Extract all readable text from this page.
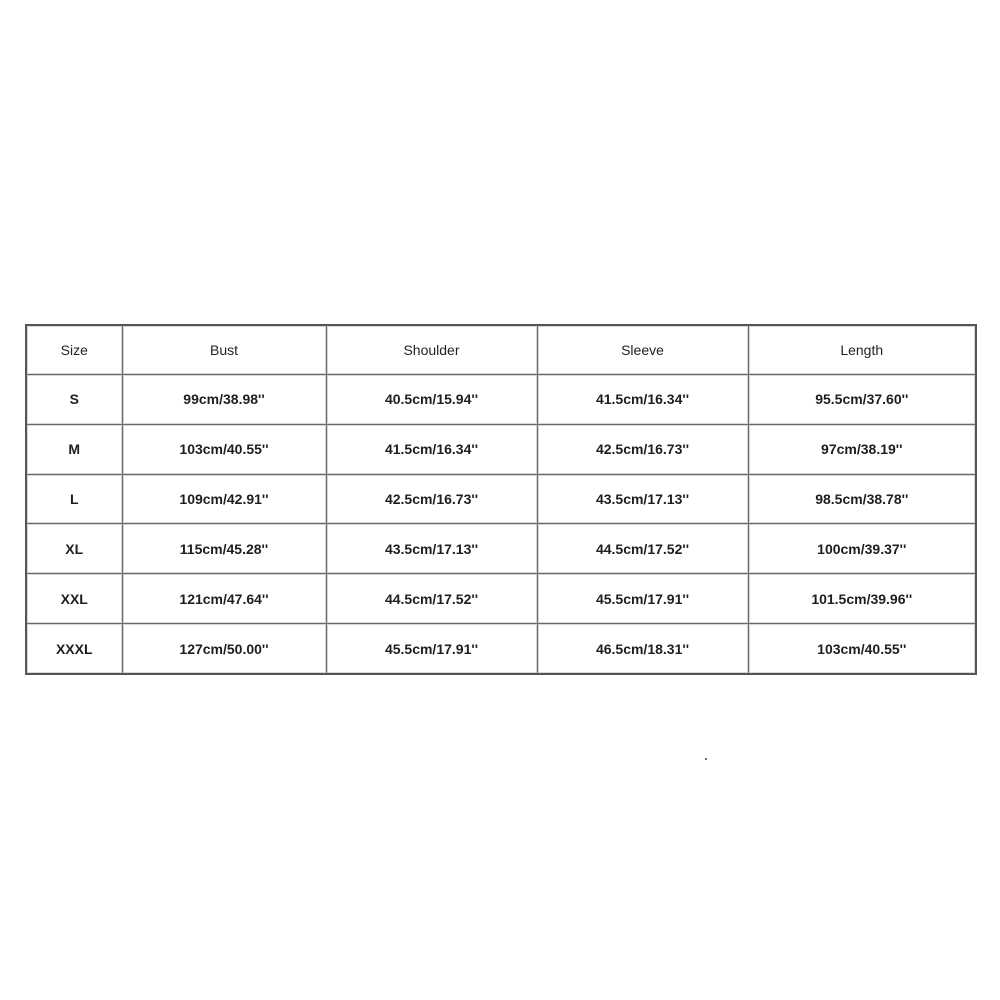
Size	Bust	Shoulder	Sleeve	Length
S	99cm/38.98''	40.5cm/15.94''	41.5cm/16.34''	95.5cm/37.60''
M	103cm/40.55''	41.5cm/16.34''	42.5cm/16.73''	97cm/38.19''
L	109cm/42.91''	42.5cm/16.73''	43.5cm/17.13''	98.5cm/38.78''
XL	115cm/45.28''	43.5cm/17.13''	44.5cm/17.52''	100cm/39.37''
XXL	121cm/47.64''	44.5cm/17.52''	45.5cm/17.91''	101.5cm/39.96''
XXXL	127cm/50.00''	45.5cm/17.91''	46.5cm/18.31''	103cm/40.55''
